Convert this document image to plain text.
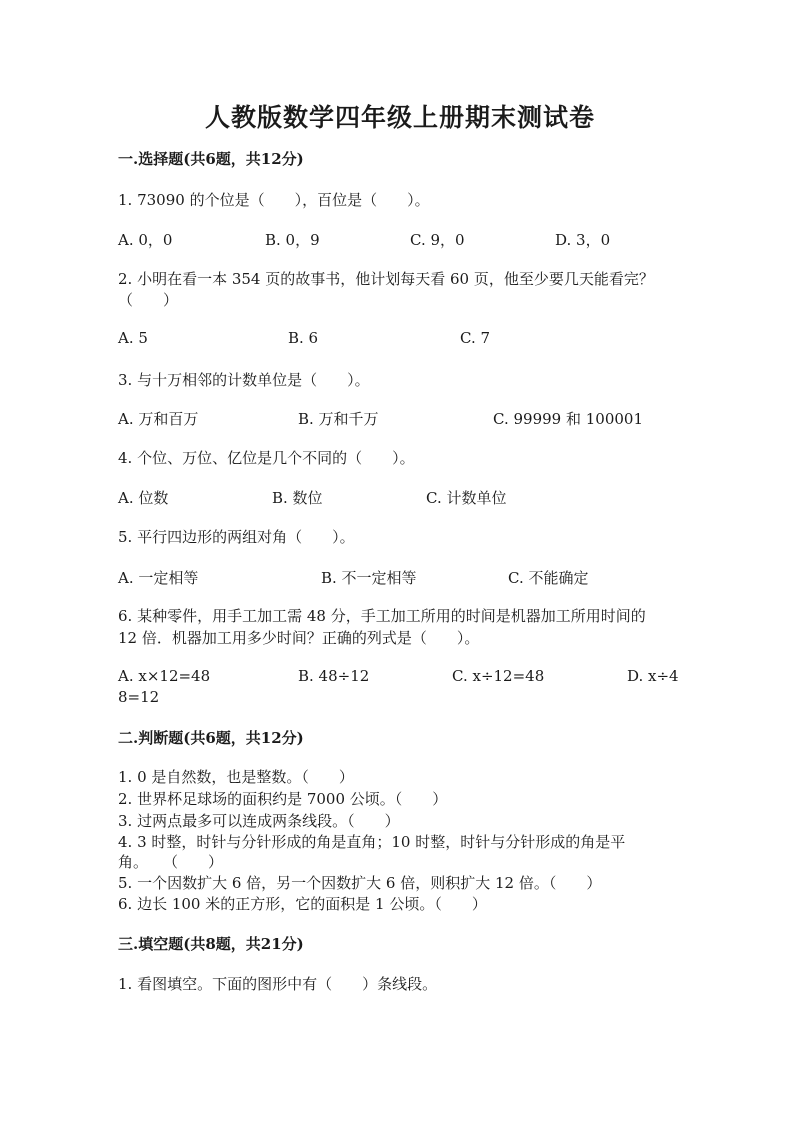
人教版数学四年级上册期末测试卷
一.选择题(共6题，共12分)
1. 73090 的个位是（　　），百位是（　　）。
A. 0，0	B. 0，9	C. 9，0	D. 3，0
2. 小明在看一本 354 页的故事书，他计划每天看 60 页，他至少要几天能看完？
（　　）
A. 5	B. 6	C. 7
3. 与十万相邻的计数单位是（　　）。
A. 万和百万	B. 万和千万	C. 99999 和 100001
4. 个位、万位、亿位是几个不同的（　　）。
A. 位数	B. 数位	C. 计数单位
5. 平行四边形的两组对角（　　）。
A. 一定相等	B. 不一定相等	C. 不能确定
6. 某种零件，用手工加工需 48 分，手工加工所用的时间是机器加工所用时间的
12 倍．机器加工用多少时间？正确的列式是（　　）。
A. x×12=48	B. 48÷12	C. x÷12=48	D. x÷4
8=12
二.判断题(共6题，共12分)
1. 0 是自然数，也是整数。（　　）
2. 世界杯足球场的面积约是 7000 公顷。（　　）
3. 过两点最多可以连成两条线段。（　　）
4. 3 时整，时针与分针形成的角是直角；10 时整，时针与分针形成的角是平
角。　　（　　）
5. 一个因数扩大 6 倍，另一个因数扩大 6 倍，则积扩大 12 倍。（　　）
6. 边长 100 米的正方形，它的面积是 1 公顷。（　　）
三.填空题(共8题，共21分)
1. 看图填空。下面的图形中有（　　）条线段。
